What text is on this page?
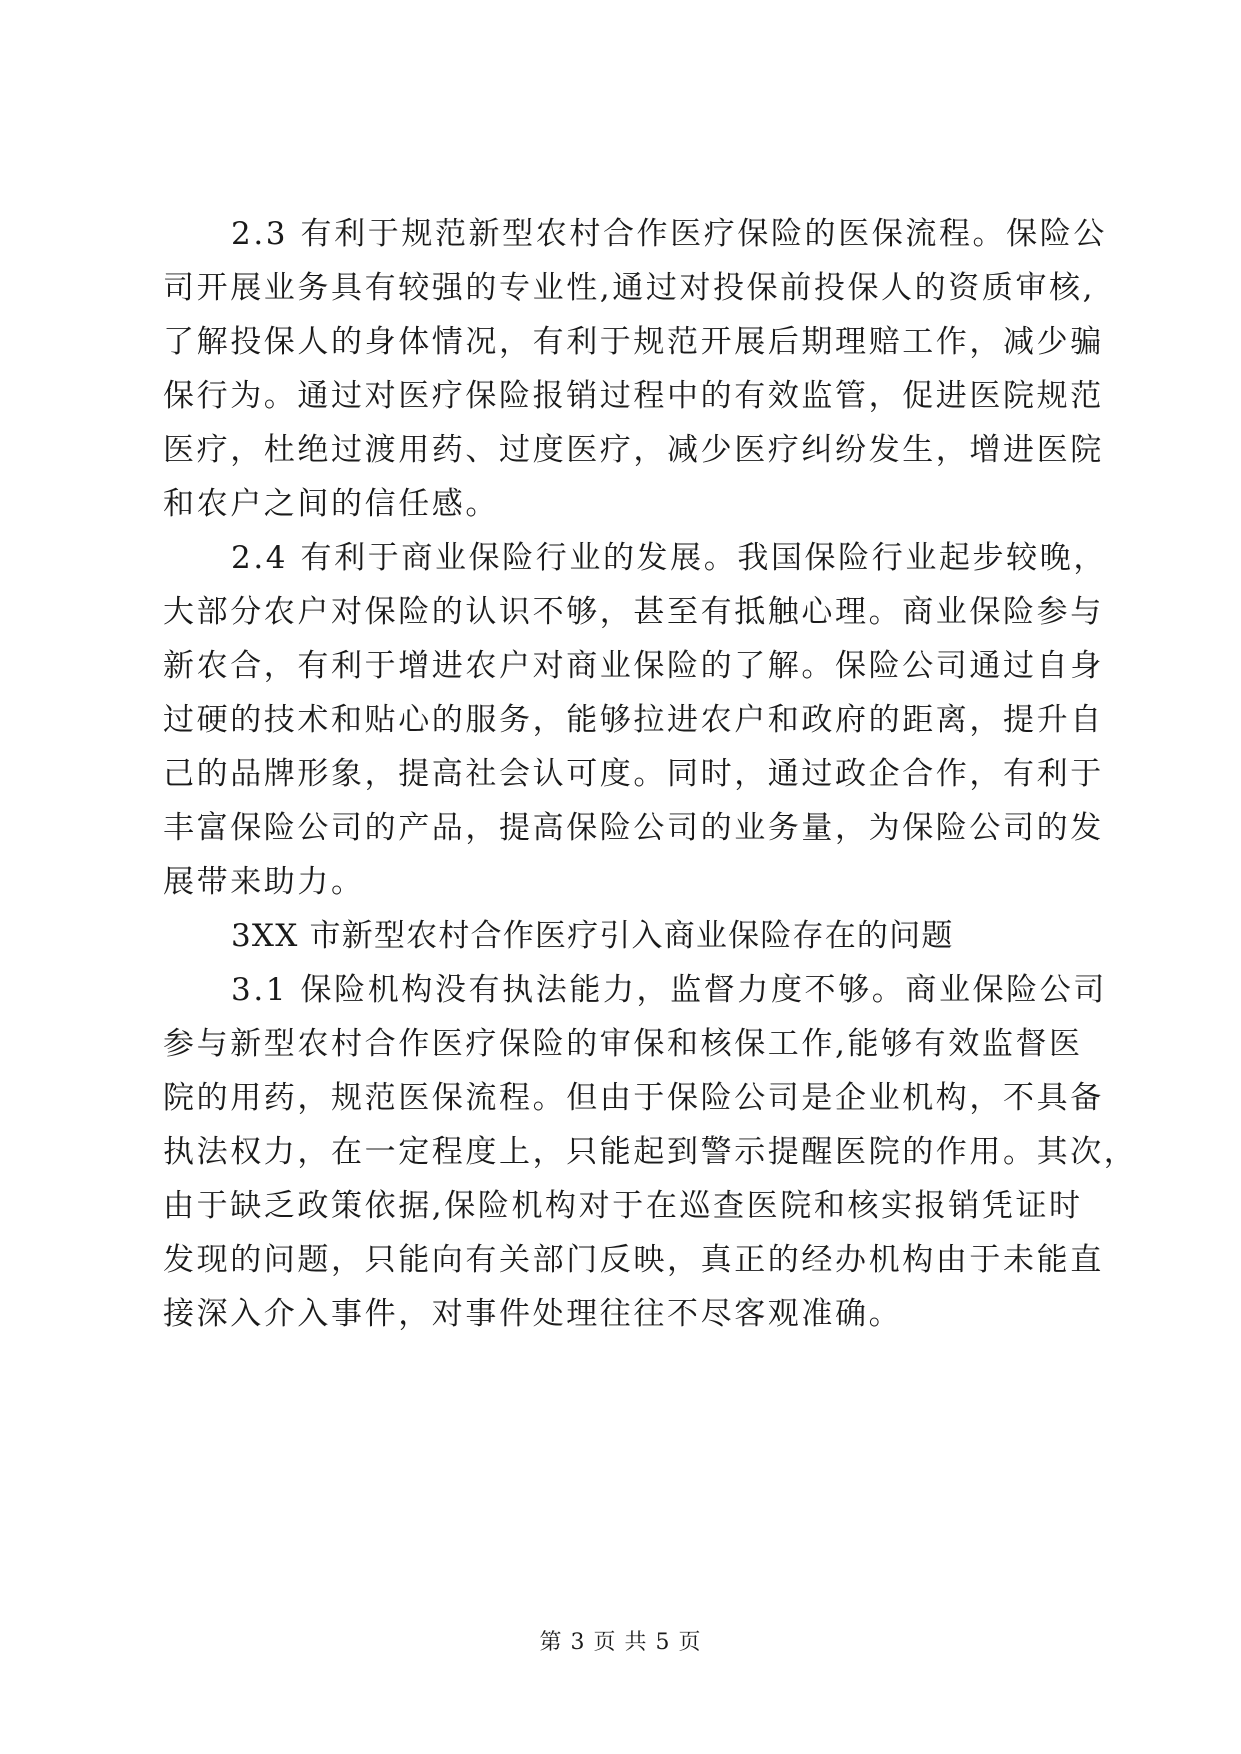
2.3 有利于规范新型农村合作医疗保险的医保流程。保险公
司开展业务具有较强的专业性,通过对投保前投保人的资质审核,
了解投保人的身体情况，有利于规范开展后期理赔工作，减少骗
保行为。通过对医疗保险报销过程中的有效监管，促进医院规范
医疗，杜绝过渡用药、过度医疗，减少医疗纠纷发生，增进医院
和农户之间的信任感。
2.4 有利于商业保险行业的发展。我国保险行业起步较晚，
大部分农户对保险的认识不够，甚至有抵触心理。商业保险参与
新农合，有利于增进农户对商业保险的了解。保险公司通过自身
过硬的技术和贴心的服务，能够拉进农户和政府的距离，提升自
己的品牌形象，提高社会认可度。同时，通过政企合作，有利于
丰富保险公司的产品，提高保险公司的业务量，为保险公司的发
展带来助力。
3XX 市新型农村合作医疗引入商业保险存在的问题
3.1 保险机构没有执法能力，监督力度不够。商业保险公司
参与新型农村合作医疗保险的审保和核保工作,能够有效监督医
院的用药，规范医保流程。但由于保险公司是企业机构，不具备
执法权力，在一定程度上，只能起到警示提醒医院的作用。其次，
由于缺乏政策依据,保险机构对于在巡查医院和核实报销凭证时
发现的问题，只能向有关部门反映，真正的经办机构由于未能直
接深入介入事件，对事件处理往往不尽客观准确。
第 3 页 共 5 页
